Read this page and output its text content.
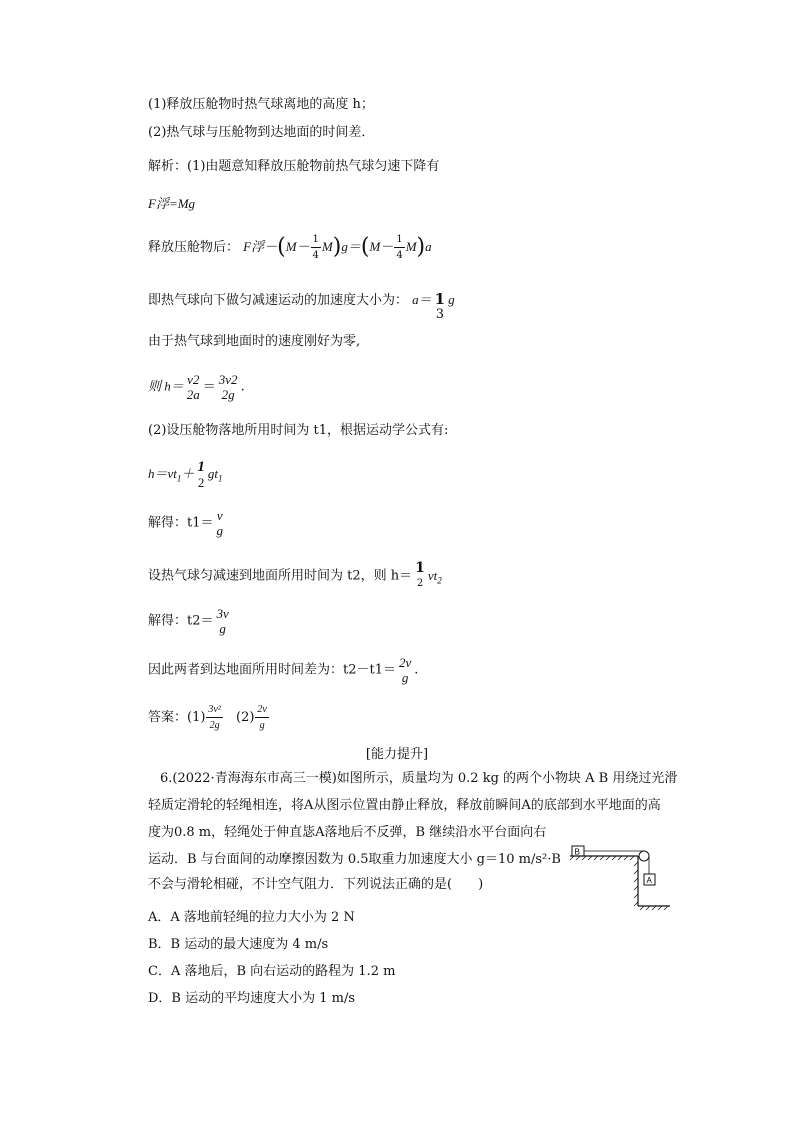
(1)释放压舱物时热气球离地的高度 h；
(2)热气球与压舱物到达地面的时间差．
解析：(1)由题意知释放压舱物前热气球匀速下降有
F浮=Mg
释放压舱物后： F浮$-(M- \frac{1}{4} M)g=(M- \frac{1}{4} M)a$
即热气球向下做匀减速运动的加速度大小为： a＝ 1
3
g
由于热气球到地面时的速度刚好为零,
则 h＝ v2
2a ＝ 3v2
2g .
(2)设压舱物落地所用时间为 t1，根据运动学公式有:
$h=vt_1+ 1$
2
$gt_1$
解得：t1＝ v
g
设热气球匀减速到地面所用时间为 t2，则 h＝ 1
2
$vt_2$
解得：t2＝ 3v
g
因此两者到达地面所用时间差为：t2－t1＝ 2v
g .
答案：$(1) \frac{\text{3v²}}{2g} (2) \frac{2v}{g}$
[能力提升]
6.(2022·青海海东市高三一模)如图所示，质量均为 0.2 kg 的两个小物块 A B 用绕过光滑
轻质定滑轮的轻绳相连，将A从图示位置由静止释放，释放前瞬间A的底部到水平地面的高
度为0.8 m，轻绳处于伸直毖A落地后不反弹，B 继续沿水平台面向右
运动．B 与台面间的动摩擦因数为 0.5取重力加速度大小 g＝10 m/s²·B
不会与滑轮相碰，不计空气阻力．下列说法正确的是(　　)
B
A
A．A 落地前轻绳的拉力大小为 2 N
B．B 运动的最大速度为 4 m/s
C．A 落地后，B 向右运动的路程为 1.2 m
D．B 运动的平均速度大小为 1 m/s
